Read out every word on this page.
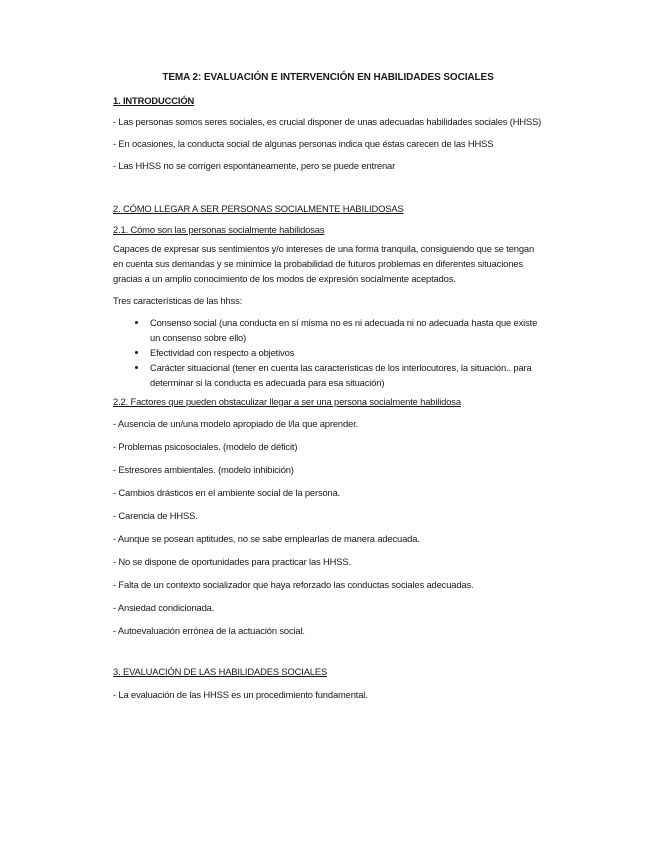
TEMA 2: EVALUACIÓN E INTERVENCIÓN EN HABILIDADES SOCIALES
1. INTRODUCCIÓN

- Las personas somos seres sociales, es crucial disponer de unas adecuadas habilidades sociales (HHSS)

- En ocasiones, la conducta social de algunas personas indica que éstas carecen de las HHSS

- Las HHSS no se corrigen espontáneamente, pero se puede entrenar

2. CÓMO LLEGAR A SER PERSONAS SOCIALMENTE HABILIDOSAS
2.1. Cómo son las personas socialmente habilidosas

Capaces de expresar sus sentimientos y/o intereses de una forma tranquila, consiguiendo que se tengan en cuenta sus demandas y se minimice la probabilidad de futuros problemas en diferentes situaciones gracias a un amplio conocimiento de los modos de expresión socialmente aceptados.

Tres características de las hhss:

• Consenso social (una conducta en sí misma no es ni adecuada ni no adecuada hasta que existe un consenso sobre ello)
• Efectividad con respecto a objetivos
• Carácter situacional (tener en cuenta las características de los interlocutores, la situación.. para determinar si la conducta es adecuada para esa situación)
2.2. Factores que pueden obstaculizar llegar a ser una persona socialmente habilidosa

- Ausencia de un/una modelo apropiado de l/la que aprender.

- Problemas psicosociales. (modelo de déficit)

- Estresores ambientales. (modelo inhibición)

- Cambios drásticos en el ambiente social de la persona.

- Carencia de HHSS.

- Aunque se posean aptitudes, no se sabe emplearlas de manera adecuada.

- No se dispone de oportunidades para practicar las HHSS.

- Falta de un contexto socializador que haya reforzado las conductas sociales adecuadas.

- Ansiedad condicionada.

- Autoevaluación errónea de la actuación social.

3. EVALUACIÓN DE LAS HABILIDADES SOCIALES

- La evaluación de las HHSS es un procedimiento fundamental.
